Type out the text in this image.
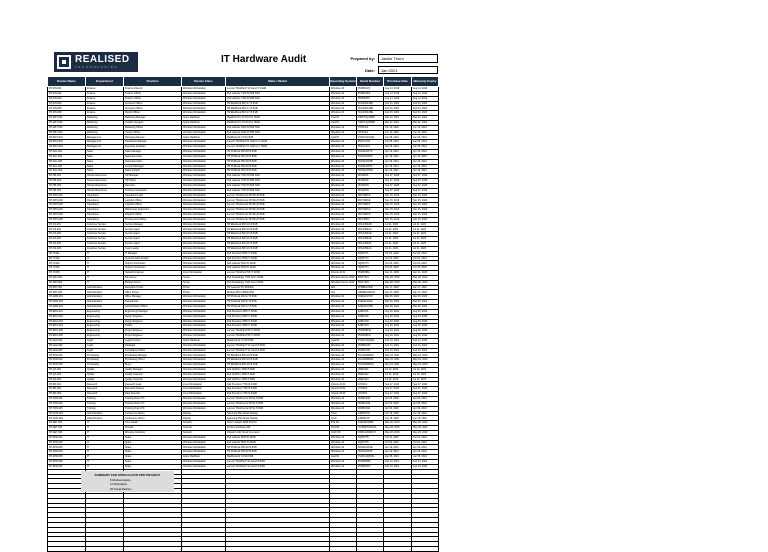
REALISED
TECHNOLOGIES
IT Hardware Audit	Prepared by:	Jackie Thorn
Date:	Jan 2021
Device Name	Department	Position	Device Class	Make / Model	Operating System	Serial Number	Purchase Date	Warranty Expiry
RT-FIN-001	Finance	Finance Director	Windows Workstation	Lenovo ThinkPad T14 Gen2 i7 16GB	Windows 10	PF2BK3VQ	Aug 14, 2019	Aug 14, 2022
RT-FIN-002	Finance	Finance Officer	Windows Workstation	Dell Latitude 7420 i5 8GB SSD	Windows 10	PF2BK4RA	Aug 14, 2019	Aug 14, 2022
RT-FIN-003	Finance	Finance Officer	Windows Workstation	Dell Latitude 7420 i5 8GB SSD	Windows 10	PF2BK5TC	Aug 14, 2019	Aug 14, 2022
RT-FIN-004	Finance	Accounts Officer	Windows Workstation	HP EliteBook 840 G7 i5 8GB	Windows 10	5CG0301ABC	Feb 03, 2020	Feb 03, 2023
RT-FIN-005	Finance	Accounts Officer	Windows Workstation	HP EliteBook 840 G7 i5 8GB	Windows 10	5CG0301ABD	Feb 03, 2020	Feb 03, 2023
RT-FIN-006	Finance	Payroll Officer	Windows Workstation	HP EliteBook 840 G7 i5 8GB	Windows 10	5CG0301ABE	Feb 03, 2020	Feb 03, 2023
RT-MKT-001	Marketing	Marketing Manager	Apple MacBook	MacBook Pro 16 M1 Pro 16GB	macOS	C02FT4Q1MD6	Mar 22, 2021	Mar 22, 2024
RT-MKT-002	Marketing	Graphic Designer	Apple MacBook	MacBook Pro 16 M1 Pro 16GB	macOS	C02FT4Q2MD6	Mar 22, 2021	Mar 22, 2024
RT-MKT-003	Marketing	Marketing Officer	Windows Workstation	Dell Latitude 5420 i5 8GB SSD	Windows 10	7HXK3L2	Jun 10, 2020	Jun 10, 2023
RT-MKT-004	Marketing	Content Writer	Windows Workstation	Dell Latitude 5420 i5 8GB SSD	Windows 10	7HXK3L3	Jun 10, 2020	Jun 10, 2023
RT-MGT-001	Management	Managing Director	Apple MacBook	MacBook Air 13 M1 8GB	macOS	FVFDL0Q1Q6L	Jan 05, 2021	Jan 05, 2024
RT-MGT-002	Management	Operations Manager	Windows Workstation	Lenovo ThinkPad X1 Carbon i7 16GB	Windows 10	PF2CA1XZ	Jan 05, 2021	Jan 05, 2024
RT-MGT-003	Management	Executive Assistant	Windows Workstation	Lenovo ThinkPad X1 Carbon i7 16GB	Windows 10	PF2CA1YA	Jan 05, 2021	Jan 05, 2024
RT-SAL-001	Sales	Sales Manager	Windows Workstation	HP ProBook 450 G8 i5 8GB	Windows 10	5CD1122XYZ	Apr 19, 2021	Apr 19, 2024
RT-SAL-002	Sales	Sales Executive	Windows Workstation	HP ProBook 450 G8 i5 8GB	Windows 10	5CD1122XZA	Apr 19, 2021	Apr 19, 2024
RT-SAL-003	Sales	Sales Executive	Windows Workstation	HP ProBook 450 G8 i5 8GB	Windows 10	5CD1122XZB	Apr 19, 2021	Apr 19, 2024
RT-SAL-004	Sales	Account Manager	Windows Workstation	HP ProBook 450 G8 i5 8GB	Windows 10	5CD1122XZC	Apr 19, 2021	Apr 19, 2024
RT-SAL-005	Sales	Sales Support	Windows Workstation	HP ProBook 450 G8 i5 8GB	Windows 10	5CD1122XZD	Apr 19, 2021	Apr 19, 2024
RT-HR-001	Human Resources	HR Manager	Windows Workstation	Dell Latitude 7320 i5 8GB SSD	Windows 10	9KLM2N1	Sep 07, 2020	Sep 07, 2023
RT-HR-002	Human Resources	HR Officer	Windows Workstation	Dell Latitude 7320 i5 8GB SSD	Windows 10	9KLM2N2	Sep 07, 2020	Sep 07, 2023
RT-HR-003	Human Resources	Recruiter	Windows Workstation	Dell Latitude 7320 i5 8GB SSD	Windows 10	9KLM2N3	Sep 07, 2020	Sep 07, 2023
RT-HR-004	Human Resources	Training Coordinator	Windows Workstation	Dell Latitude 7320 i5 8GB SSD	Windows 10	9KLM2N4	Sep 07, 2020	Sep 07, 2023
RT-OPS-001	Operations	Operations Lead	Windows Workstation	Lenovo ThinkCentre M720q i5 8GB	Windows 10	MJ07ABCD	Nov 15, 2019	Nov 15, 2022
RT-OPS-002	Operations	Logistics Officer	Windows Workstation	Lenovo ThinkCentre M720q i5 8GB	Windows 10	MJ07ABCE	Nov 15, 2019	Nov 15, 2022
RT-OPS-003	Operations	Logistics Officer	Windows Workstation	Lenovo ThinkCentre M720q i5 8GB	Windows 10	MJ07ABCF	Nov 15, 2019	Nov 15, 2022
RT-OPS-004	Operations	Warehouse Supervisor	Windows Workstation	Lenovo ThinkCentre M720q i5 8GB	Windows 10	MJ07ABCG	Nov 15, 2019	Nov 15, 2022
RT-OPS-005	Operations	Dispatch Officer	Windows Workstation	Lenovo ThinkCentre M720q i5 8GB	Windows 10	MJ07ABCH	Nov 15, 2019	Nov 15, 2022
RT-OPS-006	Operations	Procurement Officer	Windows Workstation	Lenovo ThinkCentre M720q i5 8GB	Windows 10	MJ07ABCI	Nov 15, 2019	Nov 15, 2022
RT-CS-001	Customer Service	Service Manager	Windows Workstation	HP EliteDesk 800 G6 i5 8GB	Windows 10	MXL0452AB	Jul 21, 2020	Jul 21, 2023
RT-CS-002	Customer Service	Service Agent	Windows Workstation	HP EliteDesk 800 G6 i5 8GB	Windows 10	MXL0452AC	Jul 21, 2020	Jul 21, 2023
RT-CS-003	Customer Service	Service Agent	Windows Workstation	HP EliteDesk 800 G6 i5 8GB	Windows 10	MXL0452AD	Jul 21, 2020	Jul 21, 2023
RT-CS-004	Customer Service	Service Agent	Windows Workstation	HP EliteDesk 800 G6 i5 8GB	Windows 10	MXL0452AE	Jul 21, 2020	Jul 21, 2023
RT-CS-005	Customer Service	Service Agent	Windows Workstation	HP EliteDesk 800 G6 i5 8GB	Windows 10	MXL0452AF	Jul 21, 2020	Jul 21, 2023
RT-CS-006	Customer Service	Team Leader	Windows Workstation	HP EliteDesk 800 G6 i5 8GB	Windows 10	MXL0452AG	Jul 21, 2020	Jul 21, 2023
RT-IT-001	IT	IT Manager	Windows Workstation	Dell Precision 5560 i7 32GB	Windows 10	3QRS7T1	Oct 02, 2020	Oct 02, 2023
RT-IT-002	IT	Systems Administrator	Windows Workstation	Dell Precision 5560 i7 32GB	Windows 10	3QRS7T2	Oct 02, 2020	Oct 02, 2023
RT-IT-003	IT	Support Technician	Windows Workstation	Dell Latitude 5520 i5 16GB	Windows 10	3QRS7T3	Oct 02, 2020	Oct 02, 2023
RT-IT-004	IT	Support Technician	Windows Workstation	Dell Latitude 5520 i5 16GB	Windows 10	3QRS7T4	Oct 02, 2020	Oct 02, 2023
RT-IT-005	IT	Network Engineer	Linux Workstation	Lenovo ThinkPad P15 i7 32GB	Ubuntu 20.04	PF2DD8KL	Dec 11, 2020	Dec 11, 2023
RT-SRV-001	IT	File Server	Server	Dell PowerEdge T340 Xeon 32GB	Windows Server 2019	8WXY9Z1	May 28, 2019	May 28, 2024
RT-SRV-002	IT	Backup Server	Server	Dell PowerEdge T340 Xeon 32GB	Windows Server 2019	8WXY9Z2	May 28, 2019	May 28, 2024
RT-PRT-001	Administration	Reception Printer	Printer	HP LaserJet Pro M404dn	N/A	PHBBK12345	Jan 17, 2020	Jan 17, 2022
RT-PRT-002	Administration	Office Printer	Printer	Brother MFC-L8900CDW	N/A	U63891A0N123	Jan 17, 2020	Jan 17, 2022
RT-ADM-001	Administration	Office Manager	Windows Workstation	HP ProDesk 400 G7 i5 8GB	Windows 10	4CE0221XYZ	Mar 09, 2020	Mar 09, 2023
RT-ADM-002	Administration	Receptionist	Windows Workstation	HP ProDesk 400 G7 i5 8GB	Windows 10	4CE0221XZA	Mar 09, 2020	Mar 09, 2023
RT-ADM-003	Administration	Administration Officer	Windows Workstation	HP ProDesk 400 G7 i5 8GB	Windows 10	4CE0221XZB	Mar 09, 2020	Mar 09, 2023
RT-ENG-001	Engineering	Engineering Manager	Windows Workstation	Dell Precision 3650 i7 32GB	Windows 10	6ABC1D1	Aug 30, 2021	Aug 30, 2024
RT-ENG-002	Engineering	Design Engineer	Windows Workstation	Dell Precision 3650 i7 32GB	Windows 10	6ABC1D2	Aug 30, 2021	Aug 30, 2024
RT-ENG-003	Engineering	Design Engineer	Windows Workstation	Dell Precision 3650 i7 32GB	Windows 10	6ABC1D3	Aug 30, 2021	Aug 30, 2024
RT-ENG-004	Engineering	Drafter	Windows Workstation	Dell Precision 3650 i7 32GB	Windows 10	6ABC1D4	Aug 30, 2021	Aug 30, 2024
RT-ENG-005	Engineering	Project Engineer	Windows Workstation	Lenovo ThinkPad P15 i7 32GB	Windows 10	PF2DD8KM	Aug 30, 2021	Aug 30, 2024
RT-ENG-006	Engineering	Project Engineer	Windows Workstation	Lenovo ThinkPad P15 i7 32GB	Windows 10	PF2DD8KN	Aug 30, 2021	Aug 30, 2024
RT-LEG-001	Legal	Legal Counsel	Apple MacBook	MacBook Air 13 M1 8GB	macOS	FVFDL0Q2Q6L	Feb 14, 2021	Feb 14, 2024
RT-LEG-002	Legal	Paralegal	Windows Workstation	Lenovo ThinkPad T14 Gen2 i5 8GB	Windows 10	PF2BK6UD	Feb 14, 2021	Feb 14, 2024
RT-LEG-003	Legal	Compliance Officer	Windows Workstation	Lenovo ThinkPad T14 Gen2 i5 8GB	Windows 10	PF2BK7VE	Feb 14, 2021	Feb 14, 2024
RT-PUR-001	Purchasing	Purchasing Manager	Windows Workstation	HP EliteBook 830 G8 i5 8GB	Windows 10	5CG1180MNO	May 03, 2021	May 03, 2024
RT-PUR-002	Purchasing	Purchasing Officer	Windows Workstation	HP EliteBook 830 G8 i5 8GB	Windows 10	5CG1180MNP	May 03, 2021	May 03, 2024
RT-PUR-003	Purchasing	Buyer	Windows Workstation	HP EliteBook 830 G8 i5 8GB	Windows 10	5CG1180MNQ	May 03, 2021	May 03, 2024
RT-QA-001	Quality	Quality Manager	Windows Workstation	Dell OptiPlex 7080 i5 8GB	Windows 10	2DEF3G1	Jul 12, 2019	Jul 12, 2022
RT-QA-002	Quality	Quality Inspector	Windows Workstation	Dell OptiPlex 7080 i5 8GB	Windows 10	2DEF3G2	Jul 12, 2019	Jul 12, 2022
RT-QA-003	Quality	Quality Inspector	Windows Workstation	Dell OptiPlex 7080 i5 8GB	Windows 10	2DEF3G3	Jul 12, 2019	Jul 12, 2022
RT-RD-001	Research	Research Lead	Linux Workstation	Dell Precision 7760 i9 64GB	Ubuntu 20.04	1HIJ4K1	Sep 27, 2021	Sep 27, 2024
RT-RD-002	Research	Research Analyst	Linux Workstation	Dell Precision 7760 i9 64GB	Ubuntu 20.04	1HIJ4K2	Sep 27, 2021	Sep 27, 2024
RT-RD-003	Research	Data Scientist	Linux Workstation	Dell Precision 7760 i9 64GB	Ubuntu 20.04	1HIJ4K3	Sep 27, 2021	Sep 27, 2024
RT-TRN-001	Training	Training Room PC	Windows Workstation	Lenovo ThinkCentre M70q i5 8GB	Windows 10	MJ0BCD12	Apr 06, 2020	Apr 06, 2023
RT-TRN-002	Training	Training Room PC	Windows Workstation	Lenovo ThinkCentre M70q i5 8GB	Windows 10	MJ0BCD13	Apr 06, 2020	Apr 06, 2023
RT-TRN-003	Training	Training Room PC	Windows Workstation	Lenovo ThinkCentre M70q i5 8GB	Windows 10	MJ0BCD14	Apr 06, 2020	Apr 06, 2023
RT-CON-001	Administration	Conference Room	Display	Samsung 65in Smart Display	Tizen	0JZ83CXN	Jun 18, 2020	Jun 18, 2022
RT-CON-002	Administration	Conference Room	Display	Samsung 55in Smart Display	Tizen	0JZ83CXP	Jun 18, 2020	Jun 18, 2022
RT-NET-001	IT	Core Switch	Network	Cisco Catalyst 9200 48-Port	IOS XE	JAE24301ABC	May 28, 2019	May 28, 2024
RT-NET-002	IT	Firewall	Network	Fortinet FortiGate 60F	FortiOS	FGT60FTK21001	May 28, 2019	May 28, 2024
RT-NET-003	IT	Wireless Controller	Network	Ubiquiti UniFi Cloud Key Gen2	UniFi OS	F09FC2A1B2C3	May 28, 2019	May 28, 2022
RT-SPR-001	IT	Spare	Windows Workstation	Dell Latitude 5520 i5 16GB	Windows 10	3QRS7T5	Oct 02, 2020	Oct 02, 2023
RT-SPR-002	IT	Spare	Windows Workstation	Dell Latitude 5520 i5 16GB	Windows 10	3QRS7T6	Oct 02, 2020	Oct 02, 2023
RT-SPR-003	IT	Spare	Windows Workstation	HP ProBook 450 G8 i5 8GB	Windows 10	5CD1122XZE	Apr 19, 2021	Apr 19, 2024
RT-SPR-004	IT	Spare	Windows Workstation	HP ProBook 450 G8 i5 8GB	Windows 10	5CD1122XZF	Apr 19, 2021	Apr 19, 2024
RT-SPR-005	IT	Spare	Apple MacBook	MacBook Air 13 M1 8GB	macOS	FVFDL0Q3Q6L	Jan 05, 2021	Jan 05, 2024
RT-SPR-006	IT	Spare	Windows Workstation	Lenovo ThinkPad T14 Gen2 i5 8GB	Windows 10	PF2BK8WF	Feb 14, 2021	Feb 14, 2024
RT-SPR-007	IT	Spare	Windows Workstation	Lenovo ThinkPad T14 Gen2 i5 8GB	Windows 10	PF2BK9XG	Feb 14, 2021	Feb 14, 2024

SUMMARY FOR OPEN CLOUD PRO PROJECT
8 Windows laptop
12 Workstation
68 Virtual Machine
